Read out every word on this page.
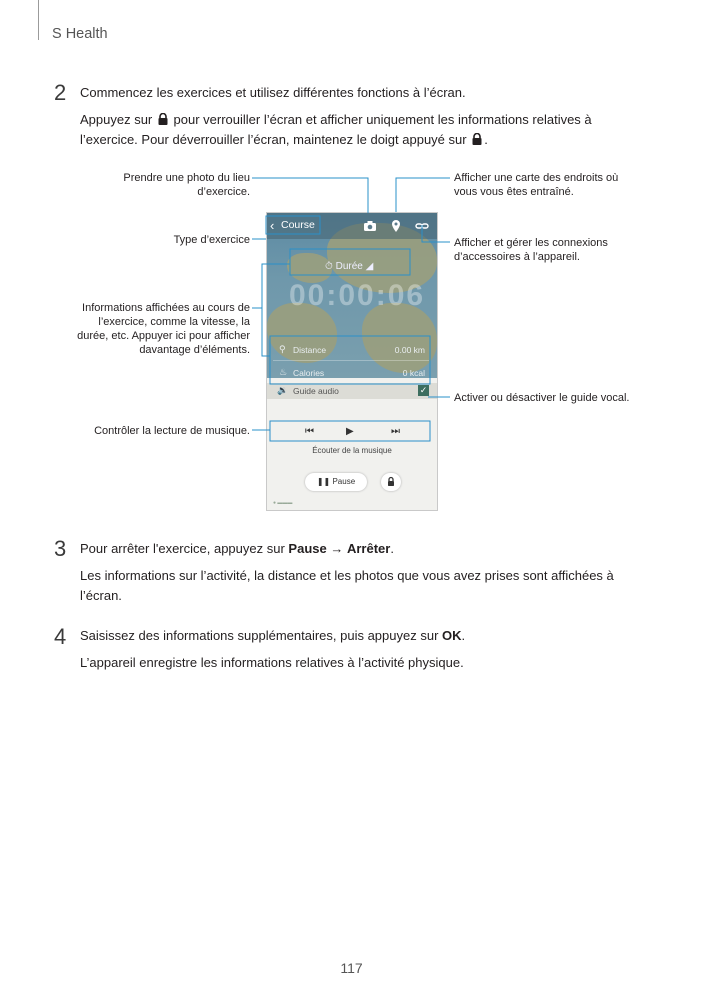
S Health
2 Commencez les exercices et utilisez différentes fonctions à l’écran.
Appuyez sur pour verrouiller l’écran et afficher uniquement les informations relatives à
l’exercice. Pour déverrouiller l’écran, maintenez le doigt appuyé sur .
Prendre une photo du lieu d’exercice.
Type d’exercice
Informations affichées au cours de l’exercice, comme la vitesse, la durée, etc. Appuyer ici pour afficher davantage d’éléments.
Contrôler la lecture de musique.
Afficher une carte des endroits où vous vous êtes entraîné.
Afficher et gérer les connexions d’accessoires à l’appareil.
Activer ou désactiver le guide vocal.
‹ Course
⏱ Durée ◢
00:00:06
⚲ Distance	0.00 km
♨ Calories	0 kcal
🔉 Guide audio	✓
⏮	▶	⏭
Écouter de la musique
❚❚ Pause
● ▬▬▬
3 Pour arrêter l'exercice, appuyez sur Pause → Arrêter.
Les informations sur l’activité, la distance et les photos que vous avez prises sont affichées à l’écran.
4 Saisissez des informations supplémentaires, puis appuyez sur OK.
L’appareil enregistre les informations relatives à l’activité physique.
117
